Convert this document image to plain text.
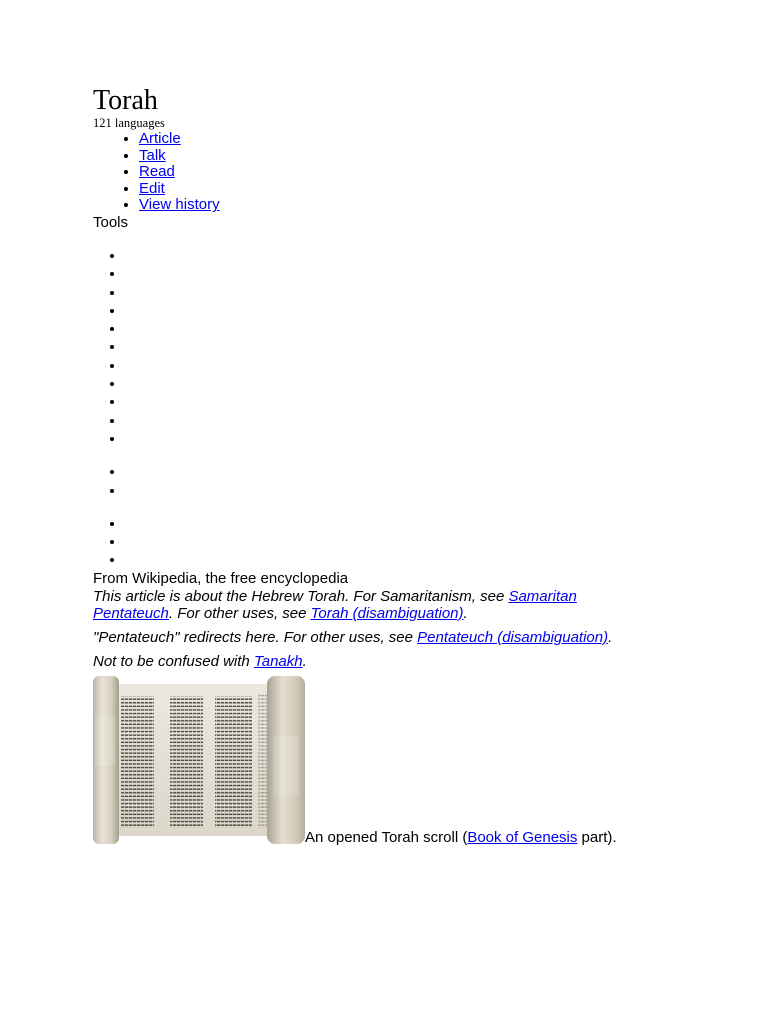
Torah
121 languages
• Article
• Talk
• Read
• Edit
• View history
Tools
•
•
•
•
•
•
•
•
•
•
•
•
•
•
•
•

From Wikipedia, the free encyclopedia

This article is about the Hebrew Torah. For Samaritanism, see Samaritan Pentateuch. For other uses, see Torah (disambiguation).

"Pentateuch" redirects here. For other uses, see Pentateuch (disambiguation).

Not to be confused with Tanakh.

An opened Torah scroll (Book of Genesis part).
